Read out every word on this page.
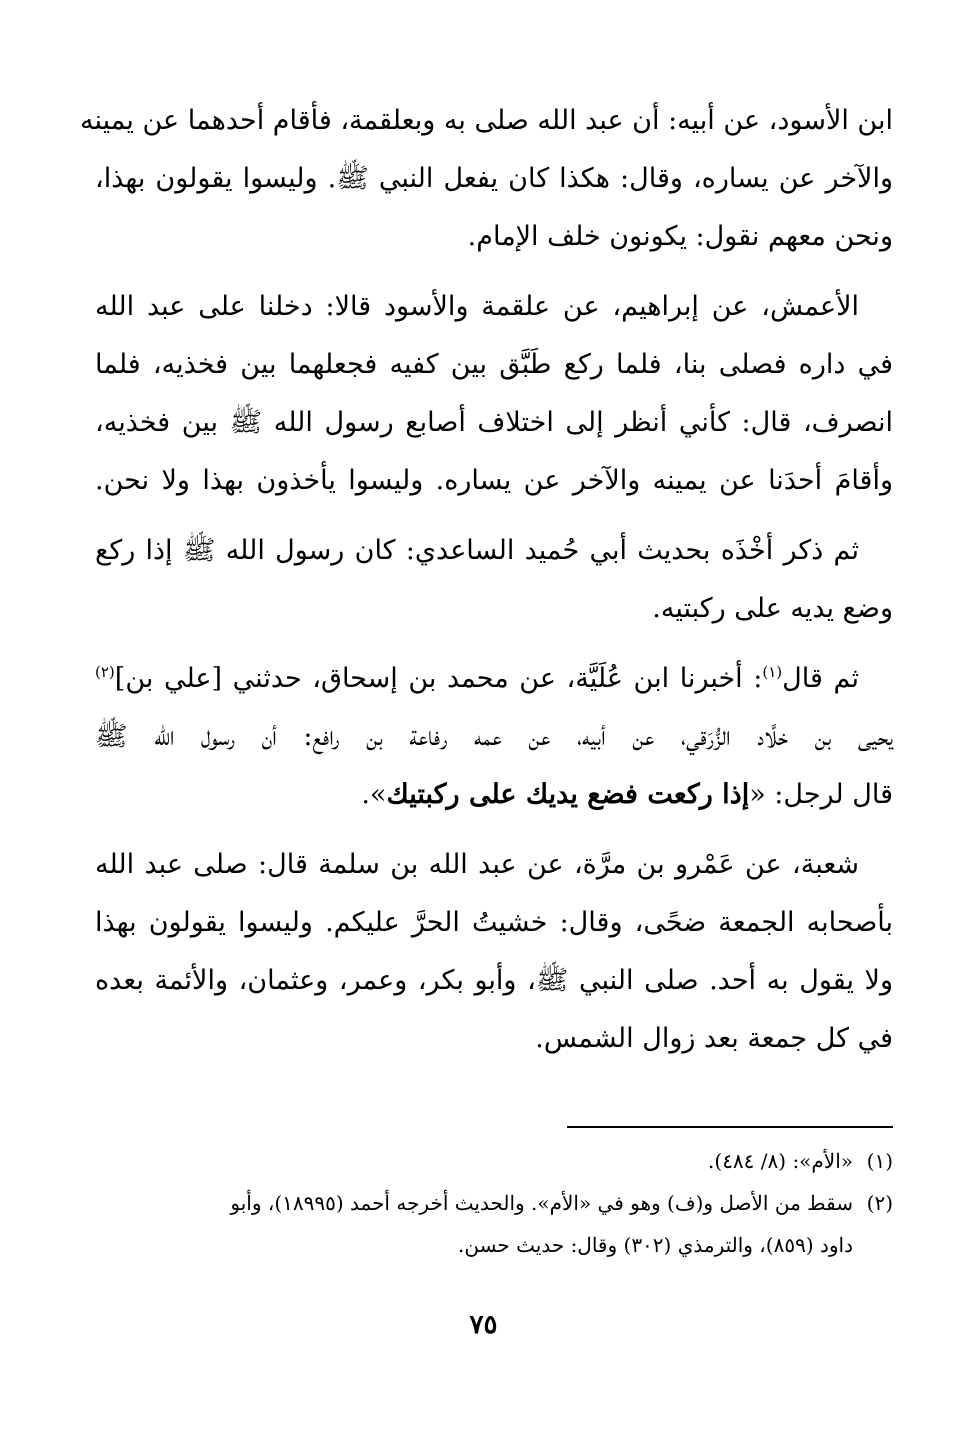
ابن الأسود، عن أبيه: أن عبد الله صلى به وبعلقمة، فأقام أحدهما عن يمينه
والآخر عن يساره، وقال: هكذا كان يفعل النبي ﷺ. وليسوا يقولون بهذا،
ونحن معهم نقول: يكونون خلف الإمام.
الأعمش، عن إبراهيم، عن علقمة والأسود قالا: دخلنا على عبد الله
في داره فصلى بنا، فلما ركع طَبَّق بين كفيه فجعلهما بين فخذيه، فلما
انصرف، قال: كأني أنظر إلى اختلاف أصابع رسول الله ﷺ بين فخذيه،
وأقامَ أحدَنا عن يمينه والآخر عن يساره. وليسوا يأخذون بهذا ولا نحن.
ثم ذكر أخْذَه بحديث أبي حُميد الساعدي: كان رسول الله ﷺ إذا ركع
وضع يديه على ركبتيه.
ثم قال$^{(١)}$: أخبرنا ابن عُلَيَّة، عن محمد بن إسحاق، حدثني [علي بن]$^{(٢)}$
يحيى بن خلَّاد الزُّرَقي، عن أبيه، عن عمه رفاعة بن رافع: أن رسول الله ﷺ
قال لرجل: «إذا ركعت فضع يديك على ركبتيك».
شعبة، عن عَمْرو بن مرَّة، عن عبد الله بن سلمة قال: صلى عبد الله
بأصحابه الجمعة ضحًى، وقال: خشيتُ الحرَّ عليكم. وليسوا يقولون بهذا
ولا يقول به أحد. صلى النبي ﷺ، وأبو بكر، وعمر، وعثمان، والأئمة بعده
في كل جمعة بعد زوال الشمس.

(١)«الأم»: (٨/ ٤٨٤).

(٢)سقط من الأصل و(ف) وهو في «الأم». والحديث أخرجه أحمد (١٨٩٩٥)، وأبو

داود (٨٥٩)، والترمذي (٣٠٢) وقال: حديث حسن.

٧٥
